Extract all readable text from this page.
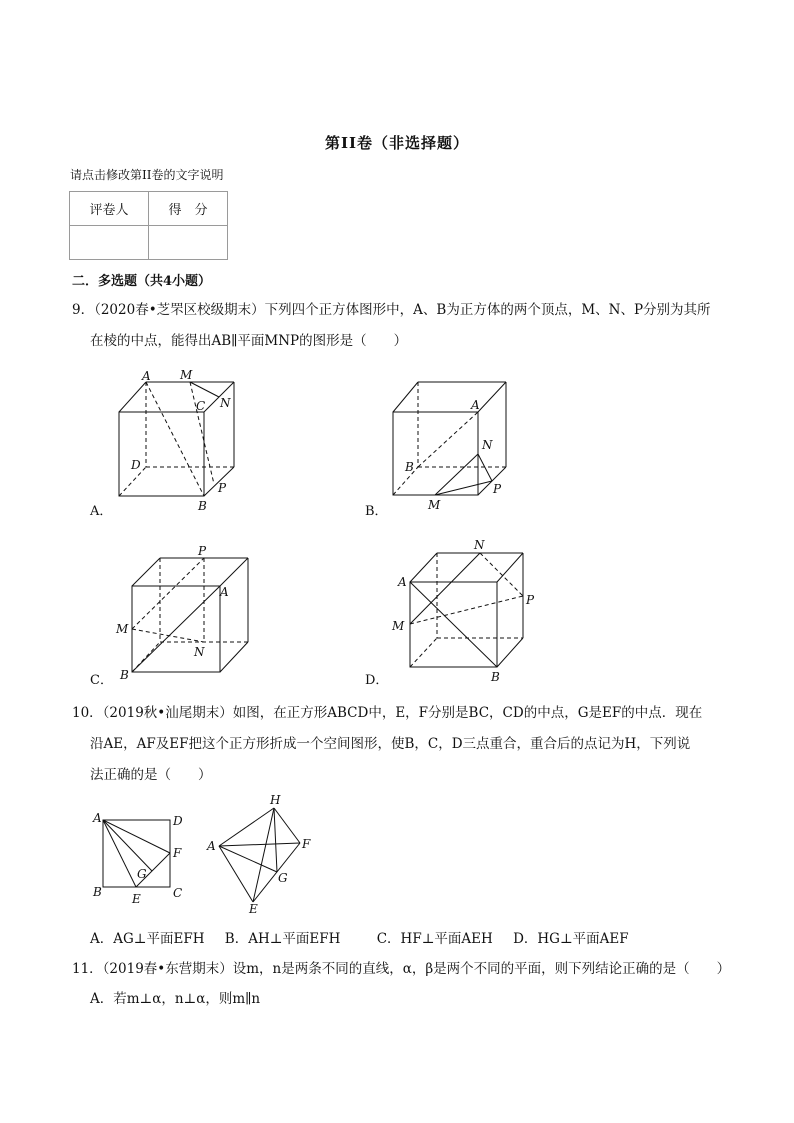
第II卷（非选择题）
请点击修改第II卷的文字说明
评卷人	得　分

二．多选题（共4小题）
9．（2020春•芝罘区校级期末）下列四个正方体图形中，A、B为正方体的两个顶点，M、N、P分别为其所
在棱的中点，能得出AB∥平面MNP的图形是（　　）
A M
C N
D
P
B
A．
A
N
B
P
M
B．
P
A
M
N
B
C．
N
A
P
M
B
D．
10．（2019秋•汕尾期末）如图，在正方形ABCD中，E，F分别是BC，CD的中点，G是EF的中点．现在
沿AE，AF及EF把这个正方形折成一个空间图形，使B，C，D三点重合，重合后的点记为H，下列说
法正确的是（　　）
A	D
F
G
B	E	C
H
A	F
G
E
A．AG⊥平面EFH B．AH⊥平面EFH	C．HF⊥平面AEH D．HG⊥平面AEF
11．（2019春•东营期末）设m，n是两条不同的直线，α，β是两个不同的平面，则下列结论正确的是（　　）
A．若m⊥α，n⊥α，则m∥n
